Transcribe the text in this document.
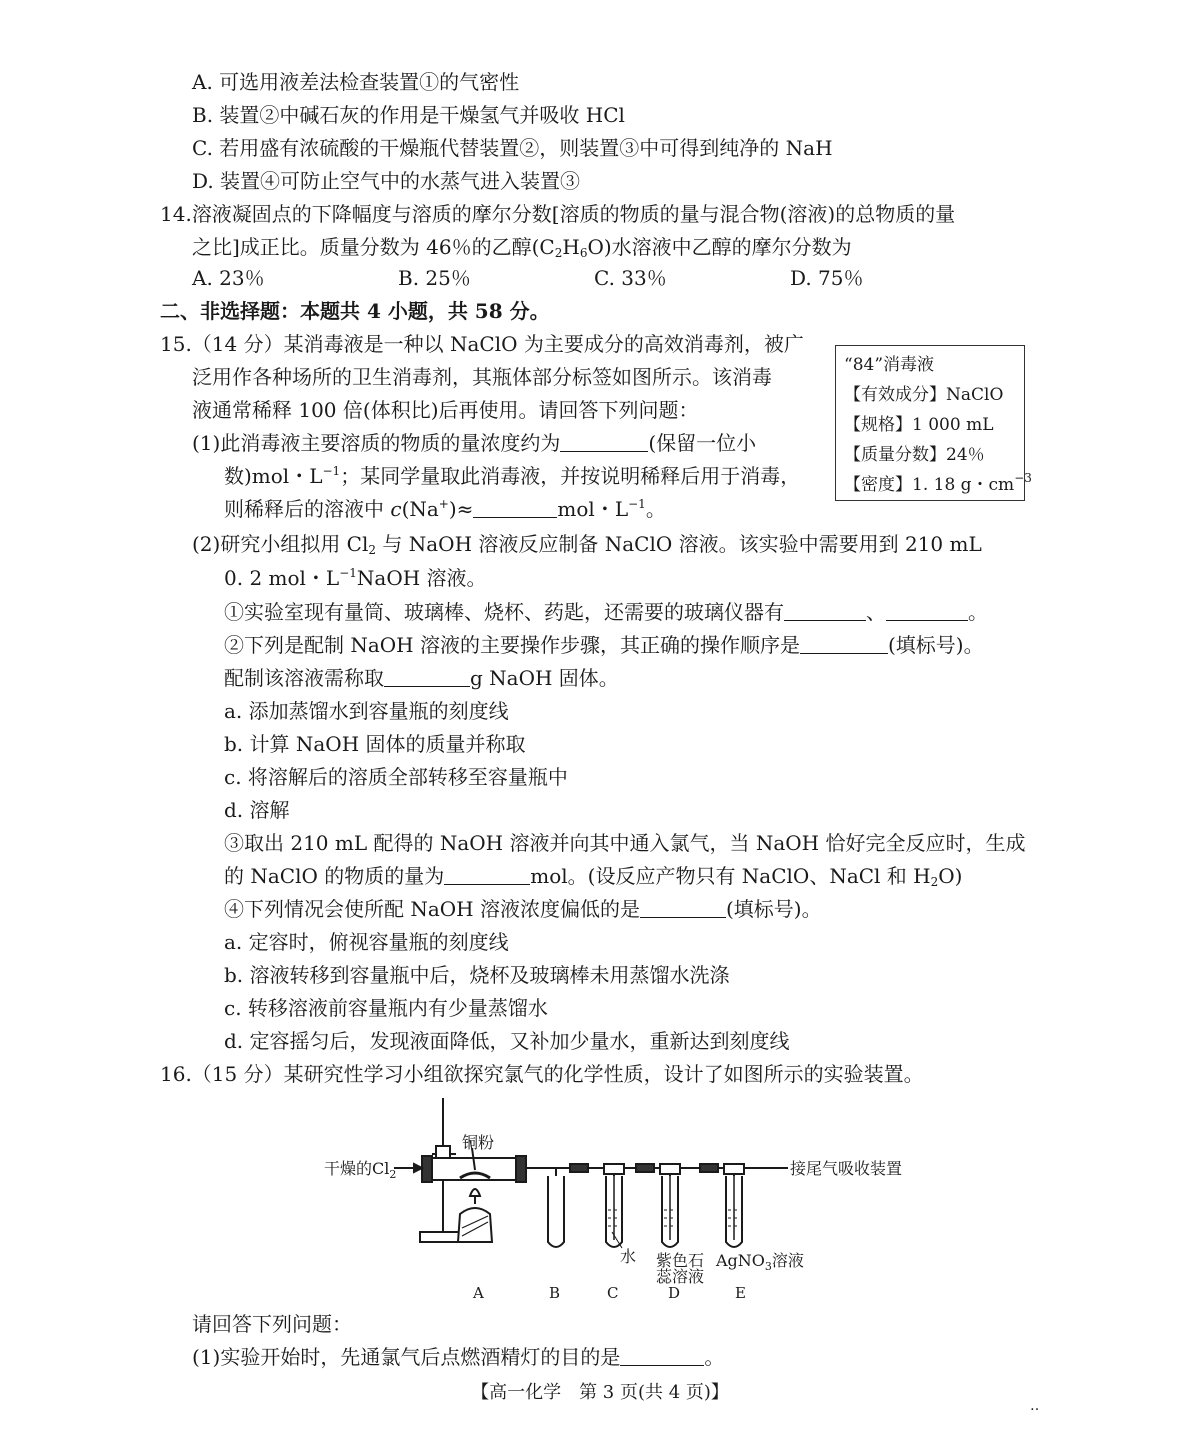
A. 可选用液差法检查装置①的气密性
B. 装置②中碱石灰的作用是干燥氢气并吸收 HCl
C. 若用盛有浓硫酸的干燥瓶代替装置②，则装置③中可得到纯净的 NaH
D. 装置④可防止空气中的水蒸气进入装置③
14.溶液凝固点的下降幅度与溶质的摩尔分数[溶质的物质的量与混合物(溶液)的总物质的量
之比]成正比。质量分数为 46％的乙醇$(C_2H_6O)$水溶液中乙醇的摩尔分数为
A. 23％	B. 25％	C. 33％	D. 75％
二、非选择题：本题共 4 小题，共 58 分。
15.（14 分）某消毒液是一种以 NaClO 为主要成分的高效消毒剂，被广
泛用作各种场所的卫生消毒剂，其瓶体部分标签如图所示。该消毒
液通常稀释 100 倍(体积比)后再使用。请回答下列问题：
“84”消毒液
【有效成分】NaClO
【规格】1 000 mL
【质量分数】24％
【密度】1. 18 g・$cm^{-3}$
(1)此消毒液主要溶质的物质的量浓度约为	(保留一位小
数)mol・$L^{-1}$；某同学量取此消毒液，并按说明稀释后用于消毒，
则稀释后的溶液中 c(Na+)≈	mol・$L^{-1}$。
(2)研究小组拟用 $Cl_2$ 与 NaOH 溶液反应制备 NaClO 溶液。该实验中需要用到 210 mL
0. 2 mol・$L^{-1}NaOH$ 溶液。
①实验室现有量筒、玻璃棒、烧杯、药匙，还需要的玻璃仪器有	、	。
②下列是配制 NaOH 溶液的主要操作步骤，其正确的操作顺序是	(填标号)。
配制该溶液需称取	g NaOH 固体。
a. 添加蒸馏水到容量瓶的刻度线
b. 计算 NaOH 固体的质量并称取
c. 将溶解后的溶质全部转移至容量瓶中
d. 溶解
③取出 210 mL 配得的 NaOH 溶液并向其中通入氯气，当 NaOH 恰好完全反应时，生成
的 NaClO 的物质的量为	mol。(设反应产物只有 NaClO、NaCl 和 $H_2O$)
④下列情况会使所配 NaOH 溶液浓度偏低的是	(填标号)。
a. 定容时，俯视容量瓶的刻度线
b. 溶液转移到容量瓶中后，烧杯及玻璃棒未用蒸馏水洗涤
c. 转移溶液前容量瓶内有少量蒸馏水
d. 定容摇匀后，发现液面降低，又补加少量水，重新达到刻度线
16.（15 分）某研究性学习小组欲探究氯气的化学性质，设计了如图所示的实验装置。
铜粉
干燥的$Cl_2$	接尾气吸收装置
水 紫色石
蕊溶液
AgNO$_3$溶液
A	B	C	D	E
请回答下列问题：
(1)实验开始时，先通氯气后点燃酒精灯的目的是	。
【高一化学　第 3 页(共 4 页)】
‥
